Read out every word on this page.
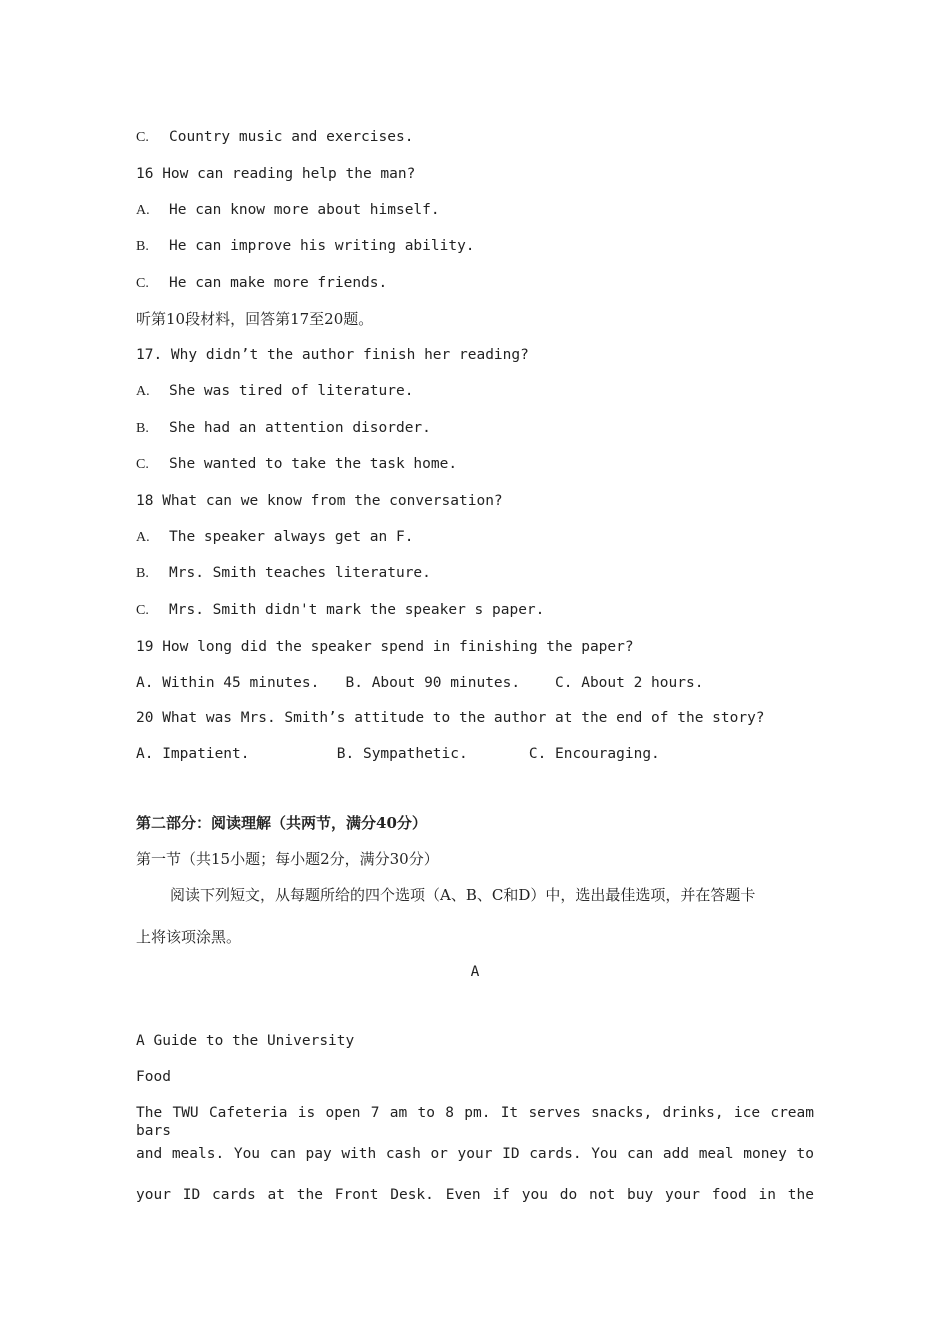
C. Country music and exercises.
16 How can reading help the man?
A. He can know more about himself.
B. He can improve his writing ability.
C. He can make more friends.
听第10段材料，回答第17至20题。
17. Why didn’t the author finish her reading?
A. She was tired of literature.
B. She had an attention disorder.
C. She wanted to take the task home.
18 What can we know from the conversation?
A. The speaker always get an F.
B. Mrs. Smith teaches literature.
C. Mrs. Smith didn't mark the speaker s paper.
19 How long did the speaker spend in finishing the paper?
A. Within 45 minutes.   B. About 90 minutes.    C. About 2 hours.
20 What was Mrs. Smith’s attitude to the author at the end of the story?
A. Impatient.          B. Sympathetic.       C. Encouraging.
第二部分：阅读理解（共两节，满分40分）
第一节（共15小题；每小题2分，满分30分）
阅读下列短文，从每题所给的四个选项（A、B、C和D）中，选出最佳选项，并在答题卡
上将该项涂黑。
A
A Guide to the University
Food
The TWU Cafeteria is open 7 am to 8 pm. It serves snacks, drinks, ice cream bars
and meals. You can pay with cash or your ID cards. You can add meal money to
your ID cards at the Front Desk. Even if you do not buy your food in the
